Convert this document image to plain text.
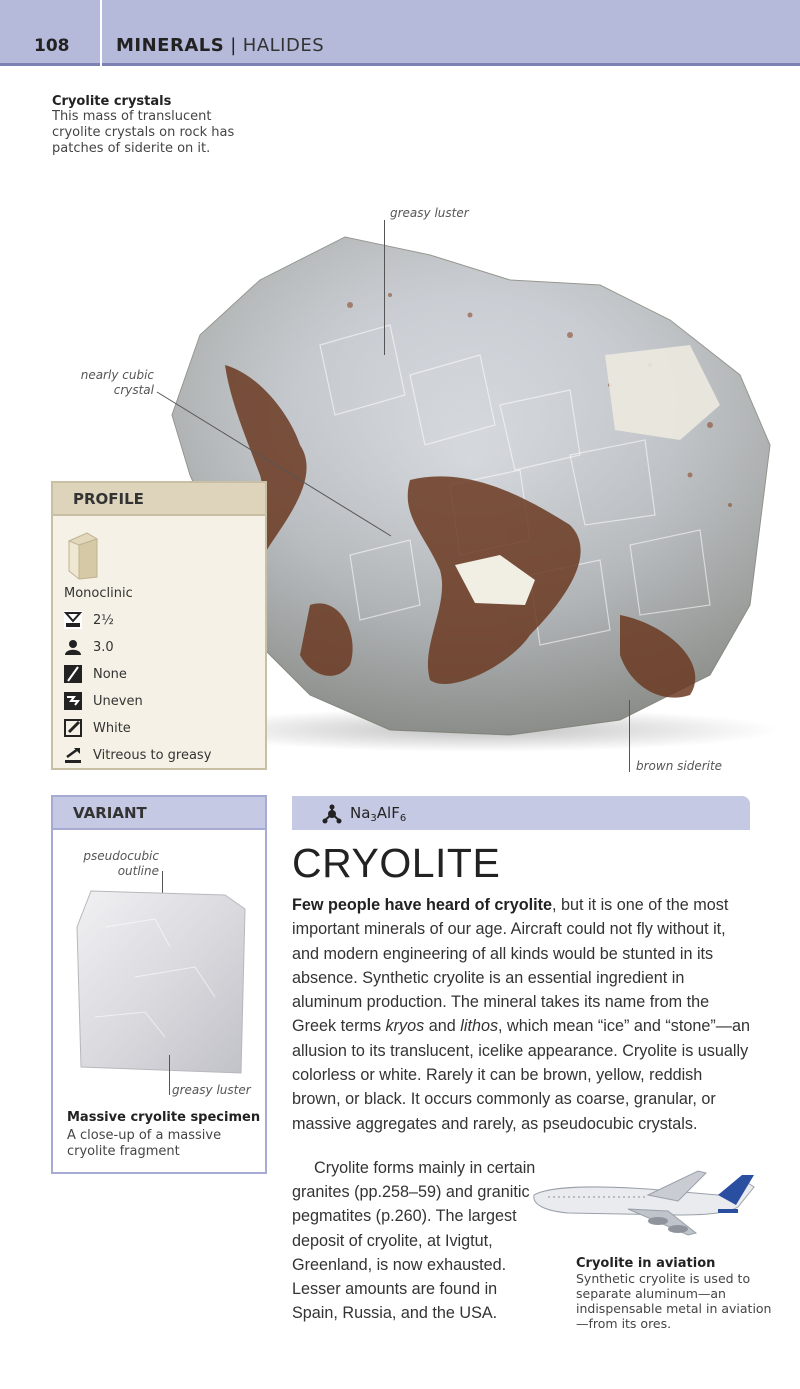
108	MINERALS | HALIDES
Cryolite crystals
This mass of translucent cryolite crystals on rock has patches of siderite on it.
greasy luster
nearly cubic crystal
brown siderite
PROFILE
Monoclinic
2½
3.0
None
Uneven
White
Vitreous to greasy
VARIANT
pseudocubic outline
greasy luster
Massive cryolite specimen
A close-up of a massive cryolite fragment
$Na_3AlF_6$
CRYOLITE
Few people have heard of cryolite, but it is one of the most important minerals of our age. Aircraft could not fly without it, and modern engineering of all kinds would be stunted in its absence. Synthetic cryolite is an essential ingredient in aluminum production. The mineral takes its name from the Greek terms kryos and lithos, which mean “ice” and “stone”—an allusion to its translucent, icelike appearance. Cryolite is usually colorless or white. Rarely it can be brown, yellow, reddish brown, or black. It occurs commonly as coarse, granular, or massive aggregates and rarely, as pseudocubic crystals.
Cryolite forms mainly in certain granites (pp.258–59) and granitic pegmatites (p.260). The largest deposit of cryolite, at Ivigtut, Greenland, is now exhausted. Lesser amounts are found in Spain, Russia, and the USA.
Cryolite in aviation
Synthetic cryolite is used to separate aluminum—an indispensable metal in aviation—from its ores.
